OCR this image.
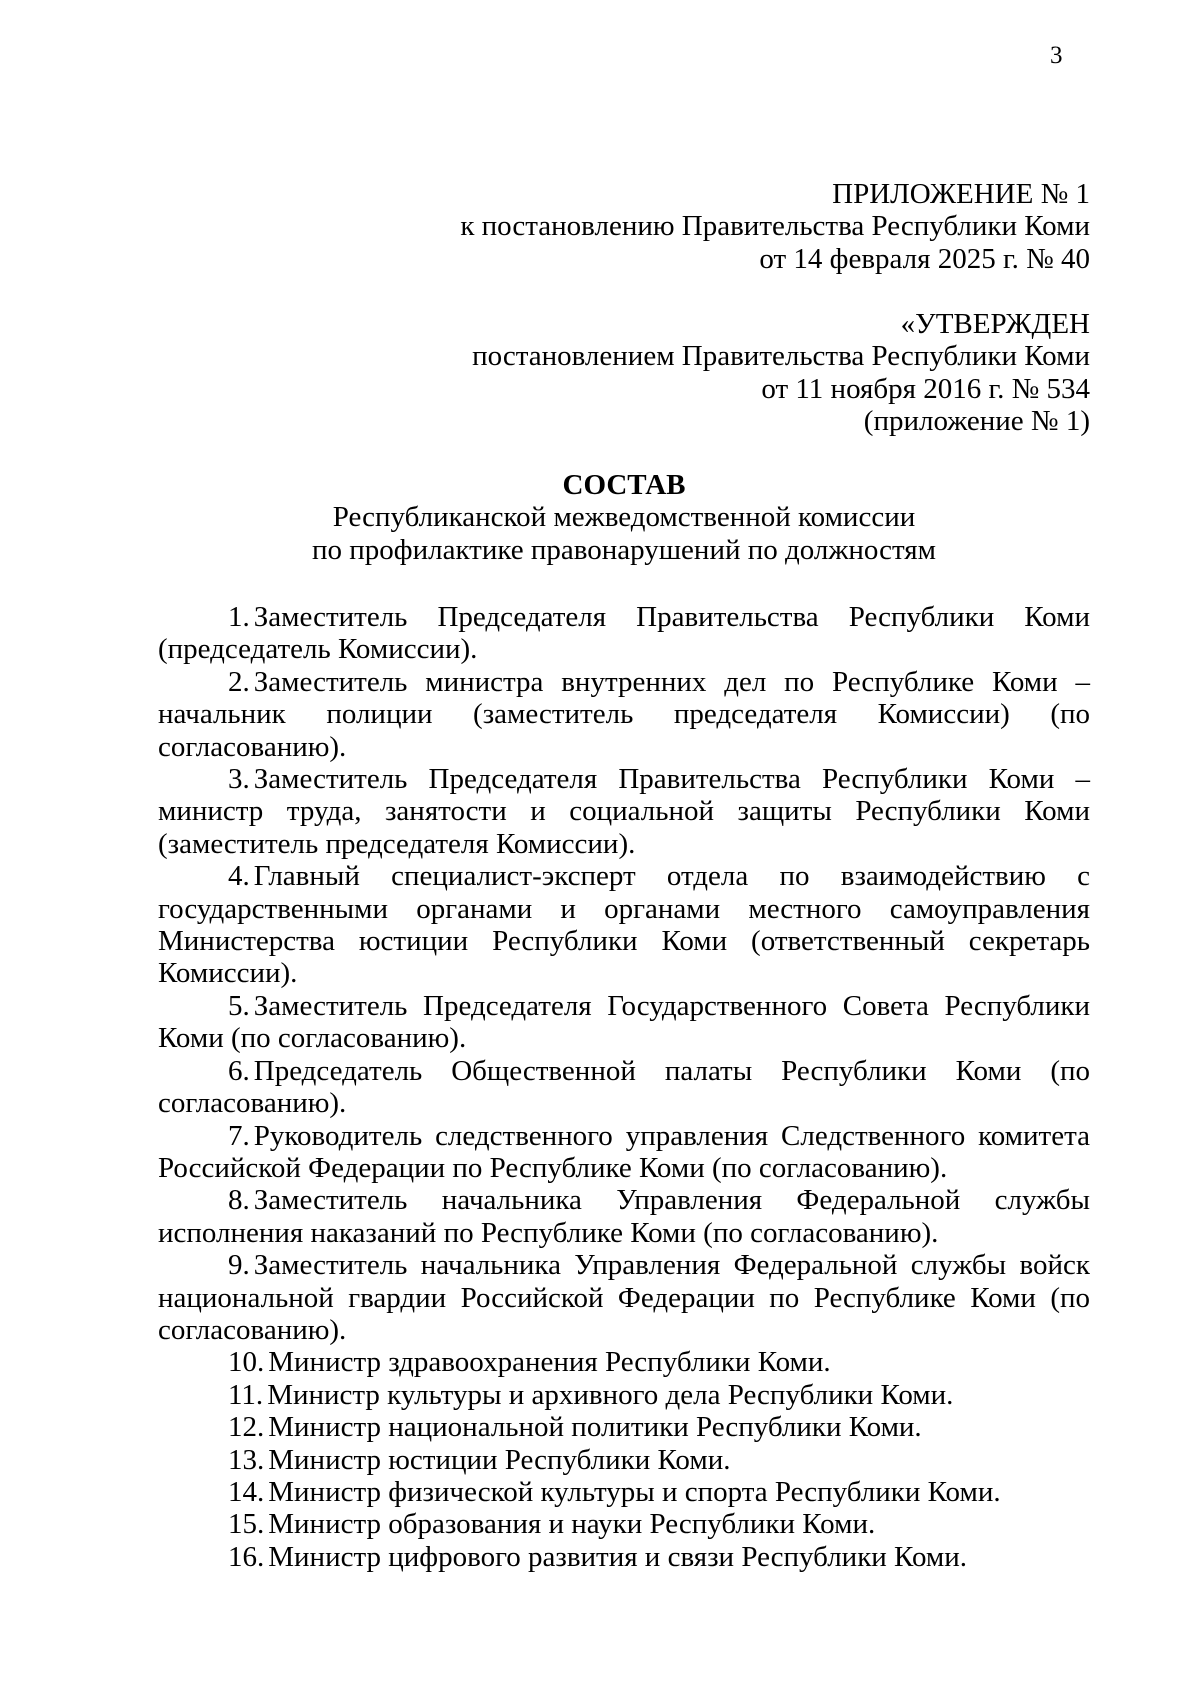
3
ПРИЛОЖЕНИЕ № 1
к постановлению Правительства Республики Коми
от 14 февраля 2025 г. № 40
«УТВЕРЖДЕН
постановлением Правительства Республики Коми
от 11 ноября 2016 г. № 534
(приложение № 1)
СОСТАВ
Республиканской межведомственной комиссии
по профилактике правонарушений по должностям

1. Заместитель Председателя Правительства Республики Коми (председатель Комиссии).

2. Заместитель министра внутренних дел по Республике Коми – начальник полиции (заместитель председателя Комиссии) (по согласованию).

3. Заместитель Председателя Правительства Республики Коми – министр труда, занятости и социальной защиты Республики Коми (заместитель председателя Комиссии).

4. Главный специалист-эксперт отдела по взаимодействию с государственными органами и органами местного самоуправления Министерства юстиции Республики Коми (ответственный секретарь Комиссии).

5. Заместитель Председателя Государственного Совета Республики Коми (по согласованию).

6. Председатель Общественной палаты Республики Коми (по согласованию).

7. Руководитель следственного управления Следственного комитета Российской Федерации по Республике Коми (по согласованию).

8. Заместитель начальника Управления Федеральной службы исполнения наказаний по Республике Коми (по согласованию).

9. Заместитель начальника Управления Федеральной службы войск национальной гвардии Российской Федерации по Республике Коми (по согласованию).

10. Министр здравоохранения Республики Коми.

11. Министр культуры и архивного дела Республики Коми.

12. Министр национальной политики Республики Коми.

13. Министр юстиции Республики Коми.

14. Министр физической культуры и спорта Республики Коми.

15. Министр образования и науки Республики Коми.

16. Министр цифрового развития и связи Республики Коми.
